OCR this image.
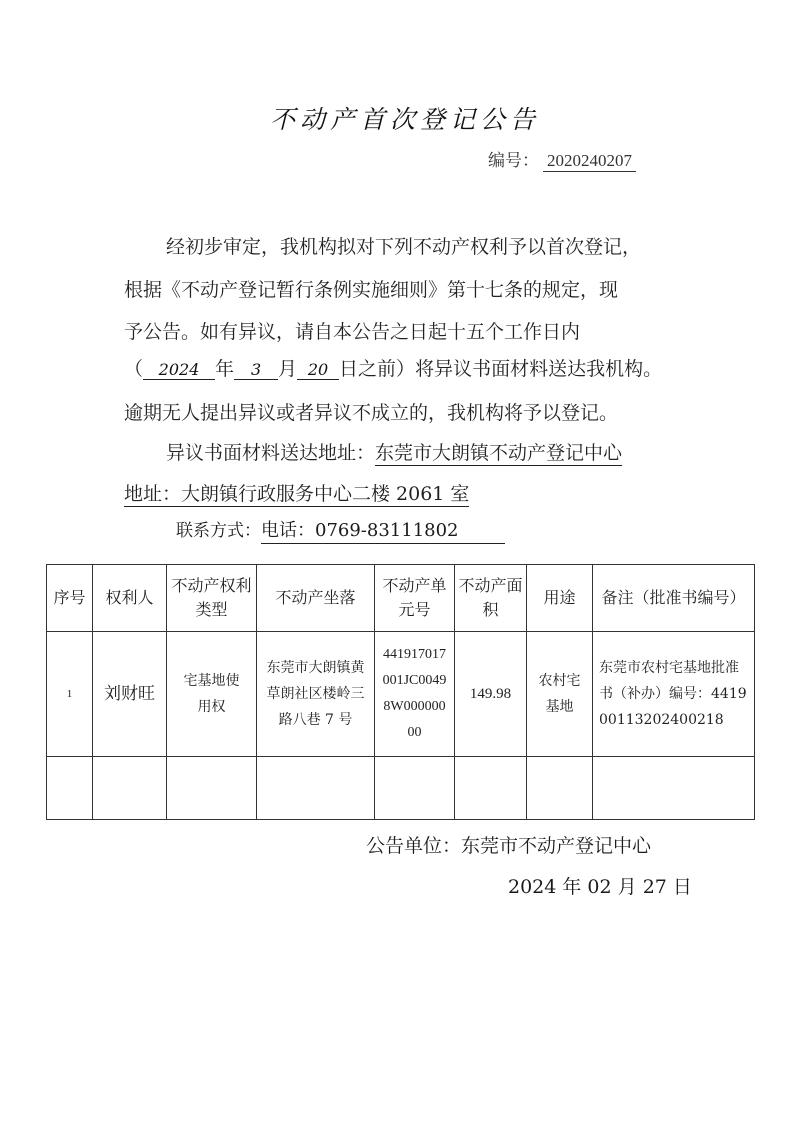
不动产首次登记公告
编号： 2020240207
经初步审定，我机构拟对下列不动产权利予以首次登记，
根据《不动产登记暂行条例实施细则》第十七条的规定，现
予公告。如有异议，请自本公告之日起十五个工作日内
（ 2024 年 3 月 20 日之前）将异议书面材料送达我机构。
逾期无人提出异议或者异议不成立的，我机构将予以登记。
异议书面材料送达地址：东莞市大朗镇不动产登记中心
地址：大朗镇行政服务中心二楼 2061 室
联系方式：电话：0769-83111802
序号	权利人	不动产权利类型	不动产坐落	不动产单元号	不动产面积	用途	备注（批准书编号）
1	刘财旺	宅基地使用权	东莞市大朗镇黄草朗社区楼岭三路八巷 7 号	441917017001JC00498W00000000	149.98	农村宅基地	东莞市农村宅基地批准书（补办）编号：441900113202400218

公告单位：东莞市不动产登记中心
2024 年 02 月 27 日
